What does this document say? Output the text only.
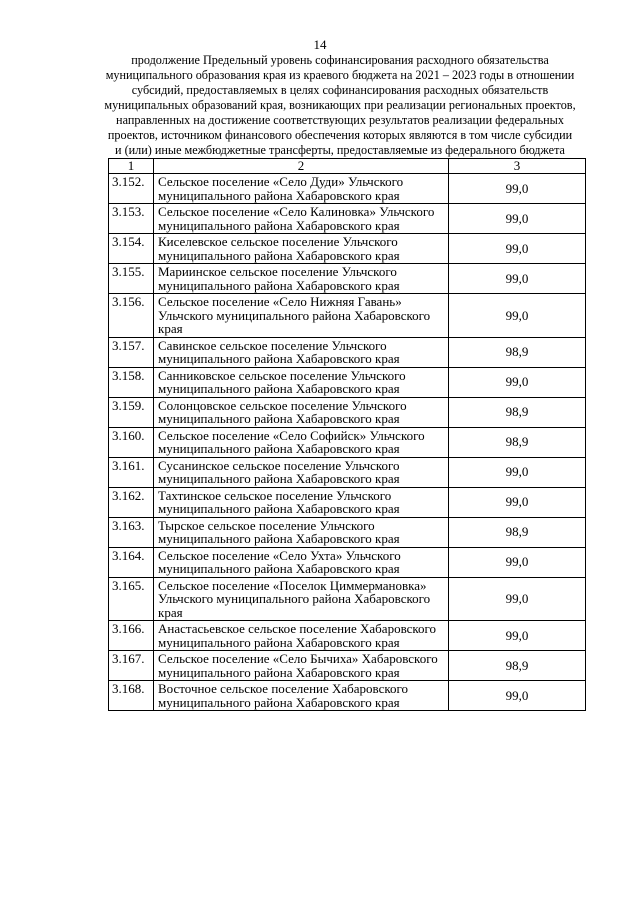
14
продолжение Предельный уровень софинансирования расходного обязательства
муниципального образования края из краевого бюджета на 2021 – 2023 годы в отношении
субсидий, предоставляемых в целях софинансирования расходных обязательств
муниципальных образований края, возникающих при реализации региональных проектов,
направленных на достижение соответствующих результатов реализации федеральных
проектов, источником финансового обеспечения которых являются в том числе субсидии
и (или) иные межбюджетные трансферты, предоставляемые из федерального бюджета
1	2	3
3.152.	Сельское поселение «Село Дуди» Ульчского муниципального района Хабаровского края	99,0
3.153.	Сельское поселение «Село Калиновка» Ульчского муниципального района Хабаровского края	99,0
3.154.	Киселевское сельское поселение Ульчского муниципального района Хабаровского края	99,0
3.155.	Мариинское сельское поселение Ульчского муниципального района Хабаровского края	99,0
3.156.	Сельское поселение «Село Нижняя Гавань» Ульчского муниципального района Хабаровского края	99,0
3.157.	Савинское сельское поселение Ульчского муниципального района Хабаровского края	98,9
3.158.	Санниковское сельское поселение Ульчского муниципального района Хабаровского края	99,0
3.159.	Солонцовское сельское поселение Ульчского муниципального района Хабаровского края	98,9
3.160.	Сельское поселение «Село Софийск» Ульчского муниципального района Хабаровского края	98,9
3.161.	Сусанинское сельское поселение Ульчского муниципального района Хабаровского края	99,0
3.162.	Тахтинское сельское поселение Ульчского муниципального района Хабаровского края	99,0
3.163.	Тырское сельское поселение Ульчского муниципального района Хабаровского края	98,9
3.164.	Сельское поселение «Село Ухта» Ульчского муниципального района Хабаровского края	99,0
3.165.	Сельское поселение «Поселок Циммермановка» Ульчского муниципального района Хабаровского края	99,0
3.166.	Анастасьевское сельское поселение Хабаровского муниципального района Хабаровского края	99,0
3.167.	Сельское поселение «Село Бычиха» Хабаровского муниципального района Хабаровского края	98,9
3.168.	Восточное сельское поселение Хабаровского муниципального района Хабаровского края	99,0
